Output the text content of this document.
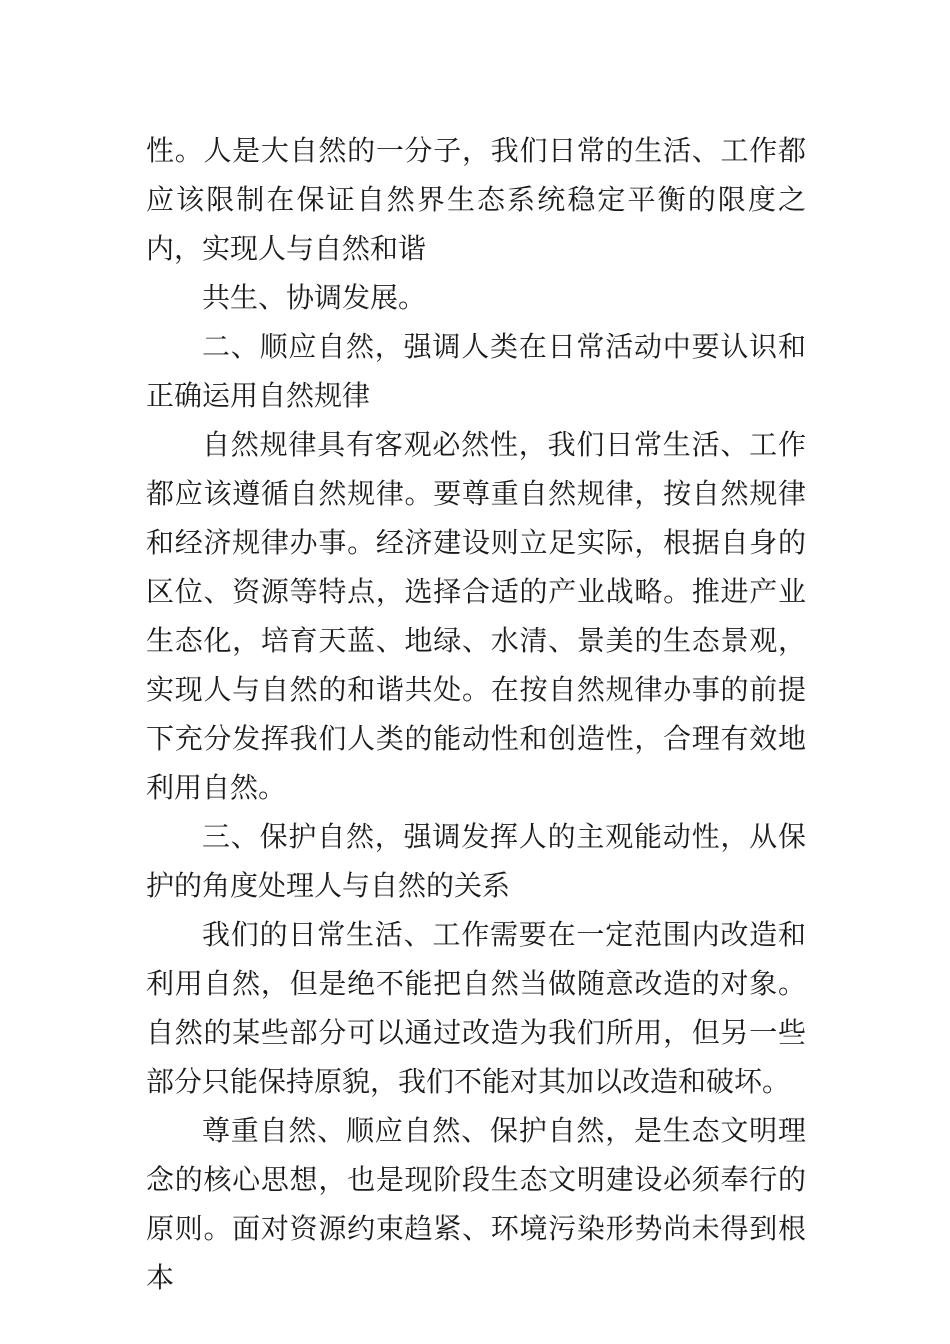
性。人是大自然的一分子，我们日常的生活、工作都应该限制在保证自然界生态系统稳定平衡的限度之内，实现人与自然和谐

共生、协调发展。

二、顺应自然，强调人类在日常活动中要认识和正确运用自然规律

自然规律具有客观必然性，我们日常生活、工作都应该遵循自然规律。要尊重自然规律，按自然规律和经济规律办事。经济建设则立足实际，根据自身的区位、资源等特点，选择合适的产业战略。推进产业生态化，培育天蓝、地绿、水清、景美的生态景观，实现人与自然的和谐共处。在按自然规律办事的前提下充分发挥我们人类的能动性和创造性，合理有效地利用自然。

三、保护自然，强调发挥人的主观能动性，从保护的角度处理人与自然的关系

我们的日常生活、工作需要在一定范围内改造和利用自然，但是绝不能把自然当做随意改造的对象。自然的某些部分可以通过改造为我们所用，但另一些部分只能保持原貌，我们不能对其加以改造和破坏。

尊重自然、顺应自然、保护自然，是生态文明理念的核心思想，也是现阶段生态文明建设必须奉行的原则。面对资源约束趋紧、环境污染形势尚未得到根本
